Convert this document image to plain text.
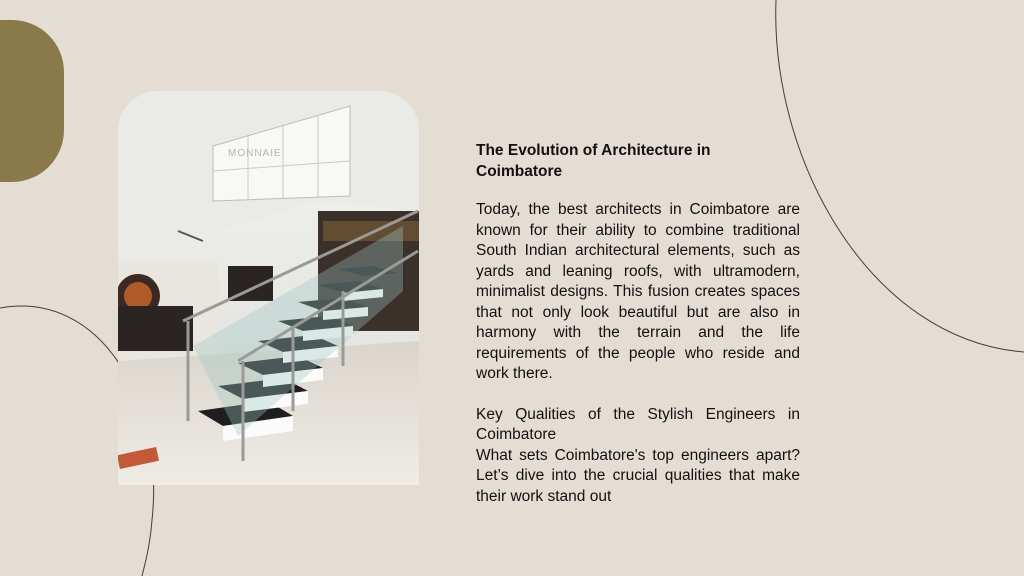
MONNAIE	The Evolution of Architecture in Coimbatore

Today, the best architects in Coimbatore are known for their ability to combine traditional South Indian architectural elements, such as yards and leaning roofs, with ultramodern, minimalist designs. This fusion creates spaces that not only look beautiful but are also in harmony with the terrain and the life requirements of the people who reside and work there.

Key Qualities of the Stylish Engineers in Coimbatore

What sets Coimbatore's top engineers apart? Let’s dive into the crucial qualities that make their work stand out
